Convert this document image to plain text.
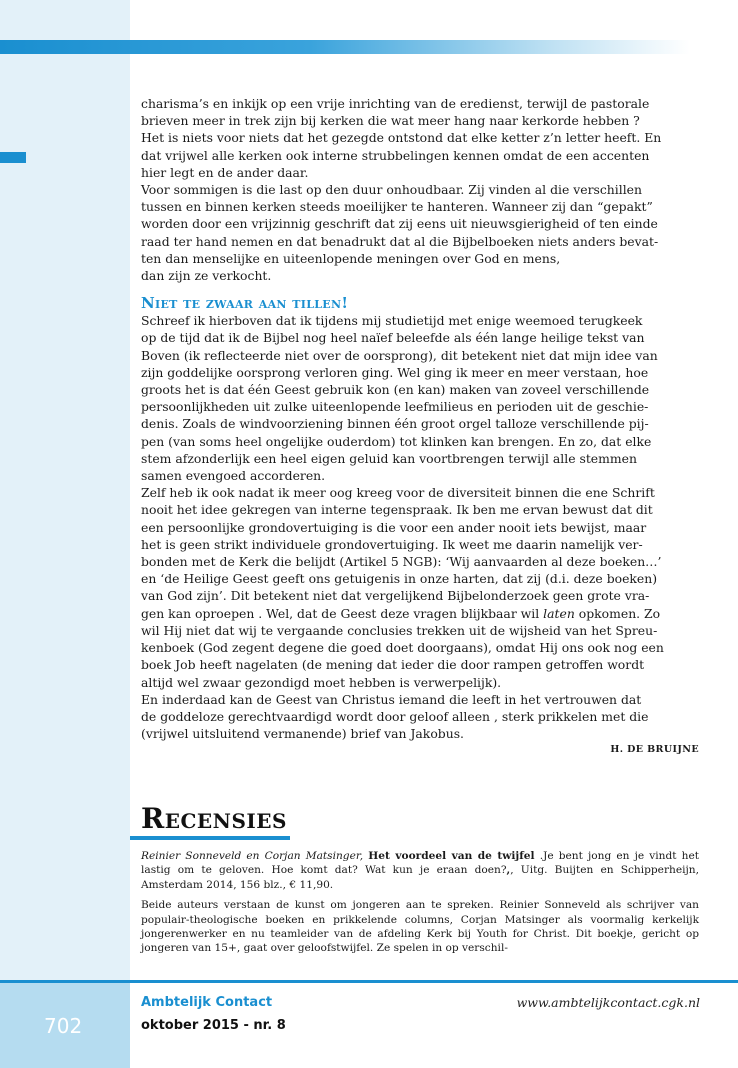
charisma’s en inkijk op een vrije inrichting van de eredienst, terwijl de pastorale
brieven meer in trek zijn bij kerken die wat meer hang naar kerkorde hebben ?
Het is niets voor niets dat het gezegde ontstond dat elke ketter z’n letter heeft. En
dat vrijwel alle kerken ook interne strubbelingen kennen omdat de een accenten
hier legt en de ander daar.

Voor sommigen is die last op den duur onhoudbaar. Zij vinden al die verschillen
tussen en binnen kerken steeds moeilijker te hanteren. Wanneer zij dan “gepakt”
worden door een vrijzinnig geschrift dat zij eens uit nieuwsgierigheid of ten einde
raad ter hand nemen en dat benadrukt dat al die Bijbelboeken niets anders bevat-
ten dan menselijke en uiteenlopende meningen over God en mens,
dan zijn ze verkocht.

Niet te zwaar aan tillen!

Schreef ik hierboven dat ik tijdens mij studietijd met enige weemoed terugkeek
op de tijd dat ik de Bijbel nog heel naïef beleefde als één lange heilige tekst van
Boven (ik reflecteerde niet over de oorsprong), dit betekent niet dat mijn idee van
zijn goddelijke oorsprong verloren ging. Wel ging ik meer en meer verstaan, hoe
groots het is dat één Geest gebruik kon (en kan) maken van zoveel verschillende
persoonlijkheden uit zulke uiteenlopende leefmilieus en perioden uit de geschie-
denis. Zoals de windvoorziening binnen één groot orgel talloze verschillende pij-
pen (van soms heel ongelijke ouderdom) tot klinken kan brengen. En zo, dat elke
stem afzonderlijk een heel eigen geluid kan voortbrengen terwijl alle stemmen
samen evengoed accorderen.

Zelf heb ik ook nadat ik meer oog kreeg voor de diversiteit binnen die ene Schrift
nooit het idee gekregen van interne tegenspraak. Ik ben me ervan bewust dat dit
een persoonlijke grondovertuiging is die voor een ander nooit iets bewijst, maar
het is geen strikt individuele grondovertuiging. Ik weet me daarin namelijk ver-
bonden met de Kerk die belijdt (Artikel 5 NGB): ‘Wij aanvaarden al deze boeken…’
en ‘de Heilige Geest geeft ons getuigenis in onze harten, dat zij (d.i. deze boeken)
van God zijn’. Dit betekent niet dat vergelijkend Bijbelonderzoek geen grote vra-
gen kan oproepen . Wel, dat de Geest deze vragen blijkbaar wil laten opkomen. Zo
wil Hij niet dat wij te vergaande conclusies trekken uit de wijsheid van het Spreu-
kenboek (God zegent degene die goed doet doorgaans), omdat Hij ons ook nog een
boek Job heeft nagelaten (de mening dat ieder die door rampen getroffen wordt
altijd wel zwaar gezondigd moet hebben is verwerpelijk).

En inderdaad kan de Geest van Christus iemand die leeft in het vertrouwen dat
de goddeloze gerechtvaardigd wordt door geloof alleen , sterk prikkelen met die
(vrijwel uitsluitend vermanende) brief van Jakobus.

H. DE BRUIJNE

Recensies

Reinier Sonneveld en Corjan Matsinger, Het voordeel van de twijfel .Je bent jong en je vindt het lastig om te geloven. Hoe komt dat? Wat kun je eraan doen?,, Uitg. Buijten en Schipperheijn, Amsterdam 2014, 156 blz., € 11,90.

Beide auteurs verstaan de kunst om jongeren aan te spreken. Reinier Sonneveld als schrijver van populair-theologische boeken en prikkelende columns, Corjan Matsinger als voormalig kerkelijk jongerenwerker en nu teamleider van de afdeling Kerk bij Youth for Christ. Dit boekje, gericht op jongeren van 15+, gaat over geloofstwijfel. Ze spelen in op verschil-

702
Ambtelijk Contact
oktober 2015 - nr. 8
www.ambtelijkcontact.cgk.nl
